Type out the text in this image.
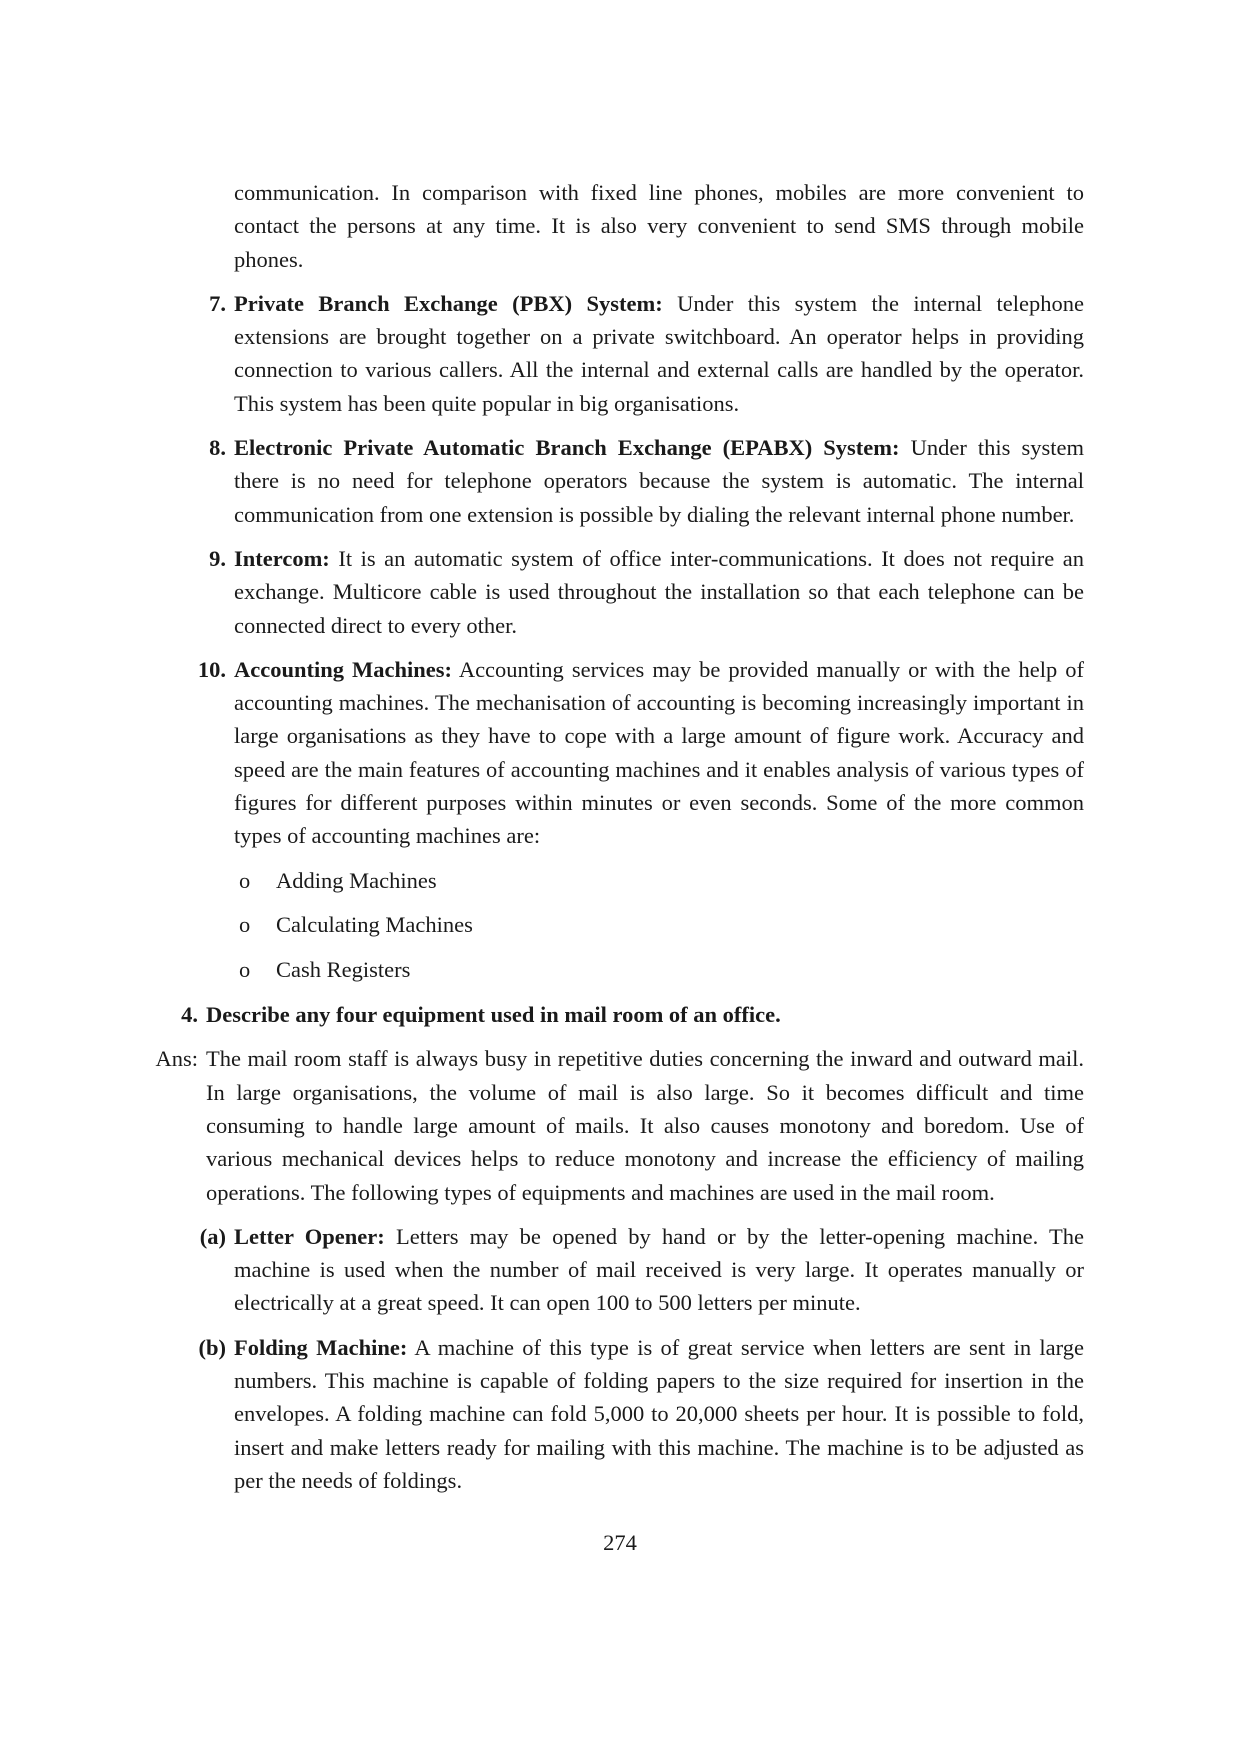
communication. In comparison with fixed line phones, mobiles are more convenient to contact the persons at any time. It is also very convenient to send SMS through mobile phones.
7. Private Branch Exchange (PBX) System: Under this system the internal telephone extensions are brought together on a private switchboard. An operator helps in providing connection to various callers. All the internal and external calls are handled by the operator. This system has been quite popular in big organisations.
8. Electronic Private Automatic Branch Exchange (EPABX) System: Under this system there is no need for telephone operators because the system is automatic. The internal communication from one extension is possible by dialing the relevant internal phone number.
9. Intercom: It is an automatic system of office inter-communications. It does not require an exchange. Multicore cable is used throughout the installation so that each telephone can be connected direct to every other.
10. Accounting Machines: Accounting services may be provided manually or with the help of accounting machines. The mechanisation of accounting is becoming increasingly important in large organisations as they have to cope with a large amount of figure work. Accuracy and speed are the main features of accounting machines and it enables analysis of various types of figures for different purposes within minutes or even seconds. Some of the more common types of accounting machines are:
o Adding Machines
o Calculating Machines
o Cash Registers
4. Describe any four equipment used in mail room of an office.
Ans: The mail room staff is always busy in repetitive duties concerning the inward and outward mail. In large organisations, the volume of mail is also large. So it becomes difficult and time consuming to handle large amount of mails. It also causes monotony and boredom. Use of various mechanical devices helps to reduce monotony and increase the efficiency of mailing operations. The following types of equipments and machines are used in the mail room.
(a) Letter Opener: Letters may be opened by hand or by the letter-opening machine. The machine is used when the number of mail received is very large. It operates manually or electrically at a great speed. It can open 100 to 500 letters per minute.
(b) Folding Machine: A machine of this type is of great service when letters are sent in large numbers. This machine is capable of folding papers to the size required for insertion in the envelopes. A folding machine can fold 5,000 to 20,000 sheets per hour. It is possible to fold, insert and make letters ready for mailing with this machine. The machine is to be adjusted as per the needs of foldings.
274
